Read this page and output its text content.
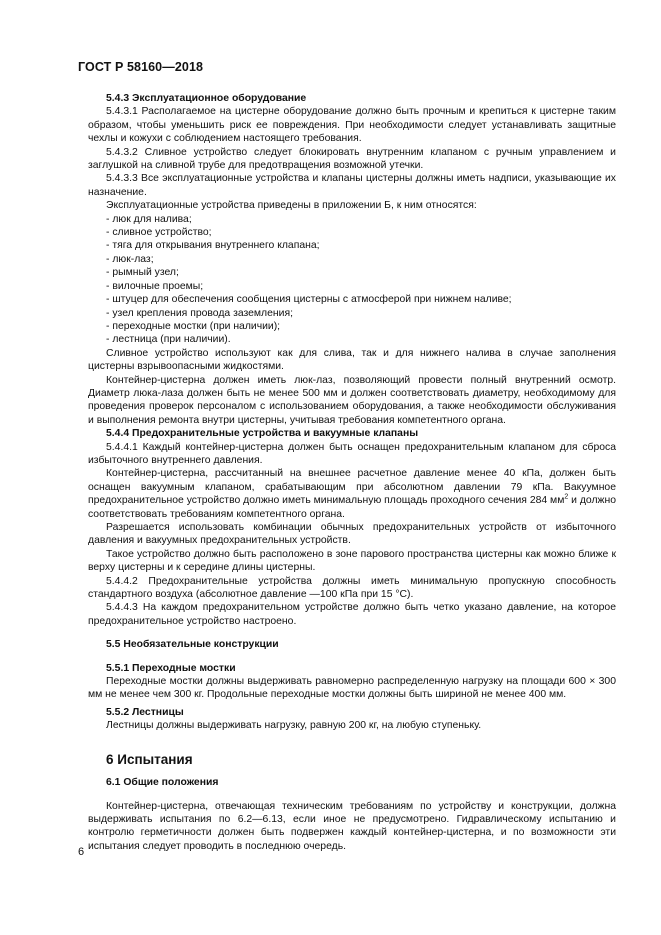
ГОСТ Р 58160—2018

5.4.3 Эксплуатационное оборудование

5.4.3.1 Располагаемое на цистерне оборудование должно быть прочным и крепиться к цистерне таким образом, чтобы уменьшить риск ее повреждения. При необходимости следует устанавливать защитные чехлы и кожухи с соблюдением настоящего требования.

5.4.3.2 Сливное устройство следует блокировать внутренним клапаном с ручным управлением и заглушкой на сливной трубе для предотвращения возможной утечки.

5.4.3.3 Все эксплуатационные устройства и клапаны цистерны должны иметь надписи, указывающие их назначение.

Эксплуатационные устройства приведены в приложении Б, к ним относятся:

- люк для налива;
- сливное устройство;
- тяга для открывания внутреннего клапана;
- люк-лаз;
- рымный узел;
- вилочные проемы;
- штуцер для обеспечения сообщения цистерны с атмосферой при нижнем наливе;
- узел крепления провода заземления;
- переходные мостки (при наличии);
- лестница (при наличии).

Сливное устройство используют как для слива, так и для нижнего налива в случае заполнения цистерны взрывоопасными жидкостями.

Контейнер-цистерна должен иметь люк-лаз, позволяющий провести полный внутренний осмотр. Диаметр люка-лаза должен быть не менее 500 мм и должен соответствовать диаметру, необходимому для проведения проверок персоналом с использованием оборудования, а также необходимости обслуживания и выполнения ремонта внутри цистерны, учитывая требования компетентного органа.

5.4.4 Предохранительные устройства и вакуумные клапаны

5.4.4.1 Каждый контейнер-цистерна должен быть оснащен предохранительным клапаном для сброса избыточного внутреннего давления.

Контейнер-цистерна, рассчитанный на внешнее расчетное давление менее 40 кПа, должен быть оснащен вакуумным клапаном, срабатывающим при абсолютном давлении 79 кПа. Вакуумное предохранительное устройство должно иметь минимальную площадь проходного сечения 284 $мм^2$ и должно соответствовать требованиям компетентного органа.

Разрешается использовать комбинации обычных предохранительных устройств от избыточного давления и вакуумных предохранительных устройств.

Такое устройство должно быть расположено в зоне парового пространства цистерны как можно ближе к верху цистерны и к середине длины цистерны.

5.4.4.2 Предохранительные устройства должны иметь минимальную пропускную способность стандартного воздуха (абсолютное давление —100 кПа при 15 °С).

5.4.4.3 На каждом предохранительном устройстве должно быть четко указано давление, на которое предохранительное устройство настроено.

5.5 Необязательные конструкции

5.5.1 Переходные мостки

Переходные мостки должны выдерживать равномерно распределенную нагрузку на площади 600 × 300 мм не менее чем 300 кг. Продольные переходные мостки должны быть шириной не менее 400 мм.

5.5.2 Лестницы

Лестницы должны выдерживать нагрузку, равную 200 кг, на любую ступеньку.

6 Испытания

6.1 Общие положения

Контейнер-цистерна, отвечающая техническим требованиям по устройству и конструкции, должна выдерживать испытания по 6.2—6.13, если иное не предусмотрено. Гидравлическому испытанию и контролю герметичности должен быть подвержен каждый контейнер-цистерна, и по возможности эти испытания следует проводить в последнюю очередь.

6
